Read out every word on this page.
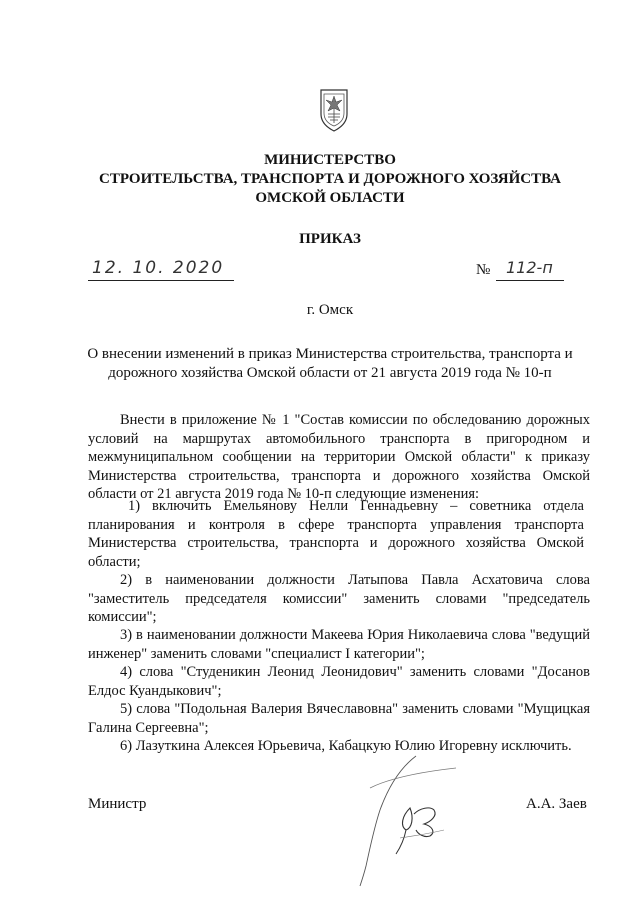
МИНИСТЕРСТВО
СТРОИТЕЛЬСТВА, ТРАНСПОРТА И ДОРОЖНОГО ХОЗЯЙСТВА
ОМСКОЙ ОБЛАСТИ
ПРИКАЗ
12. 10. 2020	№ 112-п
г. Омск
О внесении изменений в приказ Министерства строительства, транспорта и
дорожного хозяйства Омской области от 21 августа 2019 года № 10-п
Внести в приложение № 1 "Состав комиссии по обследованию дорожных условий на маршрутах автомобильного транспорта в пригородном и межмуниципальном сообщении на территории Омской области" к приказу Министерства строительства, транспорта и дорожного хозяйства Омской области от 21 августа 2019 года № 10-п следующие изменения:
1) включить Емельянову Нелли Геннадьевну – советника отдела планирования и контроля в сфере транспорта управления транспорта Министерства строительства, транспорта и дорожного хозяйства Омской области;
2) в наименовании должности Латыпова Павла Асхатовича слова "заместитель председателя комиссии" заменить словами "председатель комиссии";
3) в наименовании должности Макеева Юрия Николаевича слова "ведущий инженер" заменить словами "специалист I категории";
4) слова "Студеникин Леонид Леонидович" заменить словами "Досанов Елдос Куандыкович";
5) слова "Подольная Валерия Вячеславовна" заменить словами "Мущицкая Галина Сергеевна";
6) Лазуткина Алексея Юрьевича, Кабацкую Юлию Игоревну исключить.
Министр	А.А. Заев
